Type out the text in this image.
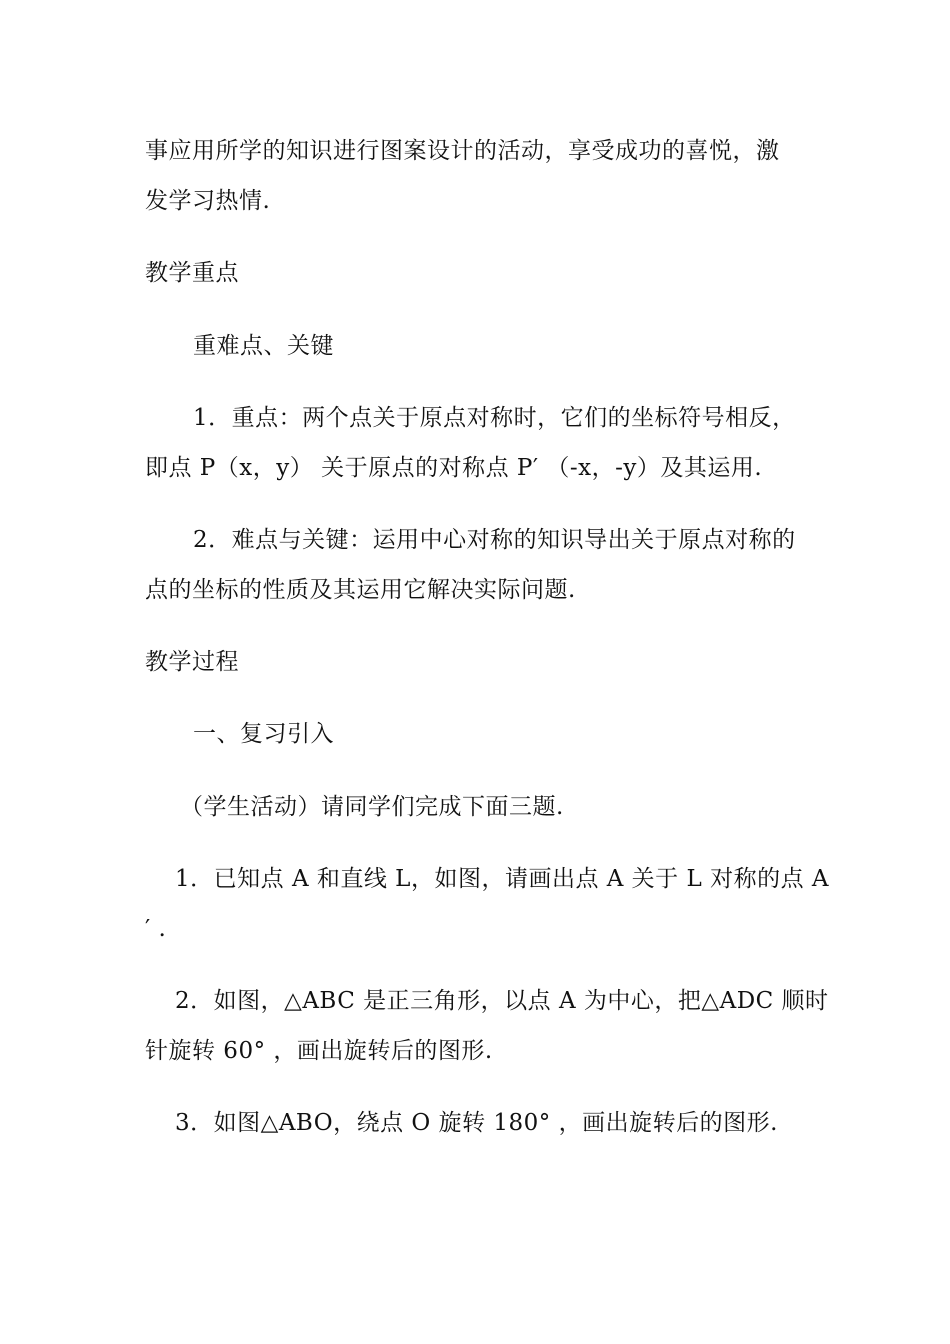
事应用所学的知识进行图案设计的活动，享受成功的喜悦，激
发学习热情.
教学重点
重难点、关键
1．重点：两个点关于原点对称时，它们的坐标符号相反，
即点 P（x，y） 关于原点的对称点 P′ （-x，-y）及其运用.
2．难点与关键：运用中心对称的知识导出关于原点对称的
点的坐标的性质及其运用它解决实际问题.
教学过程
一、复习引入
（学生活动）请同学们完成下面三题.
1．已知点 A 和直线 L，如图，请画出点 A 关于 L 对称的点 A
′ .
2．如图，△ABC 是正三角形，以点 A 为中心，把△ADC 顺时
针旋转 60° ，画出旋转后的图形.
3．如图△ABO，绕点 O 旋转 180° ，画出旋转后的图形.
